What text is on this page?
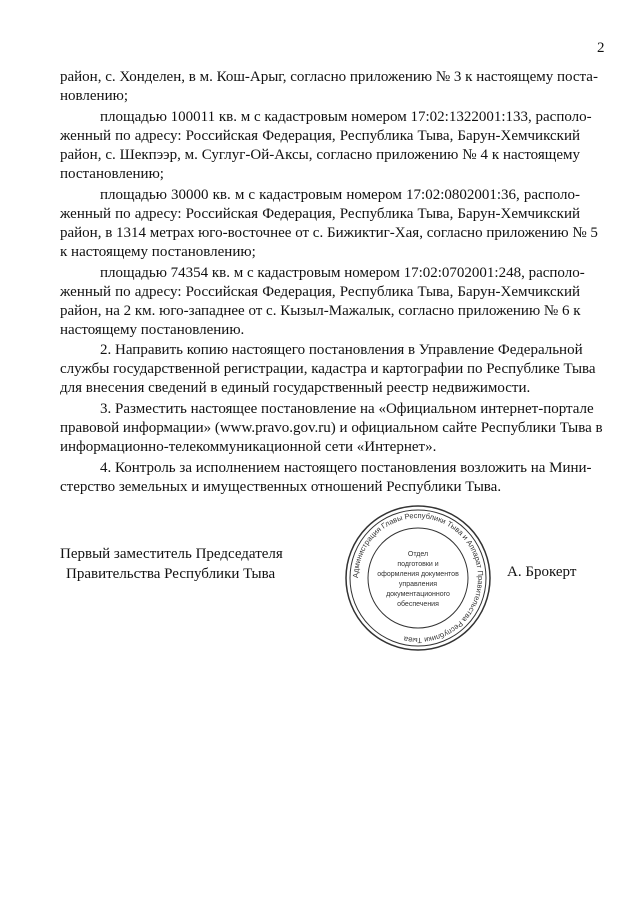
2
район, с. Хонделен, в м. Кош-Арыг, согласно приложению № 3 к настоящему поста-
новлению;
площадью 100011 кв. м с кадастровым номером 17:02:1322001:133, располо-
женный по адресу: Российская Федерация, Республика Тыва, Барун-Хемчикский
район, с. Шекпээр, м. Суглуг-Ой-Аксы, согласно приложению № 4 к настоящему
постановлению;
площадью 30000 кв. м с кадастровым номером 17:02:0802001:36, располо-
женный по адресу: Российская Федерация, Республика Тыва, Барун-Хемчикский
район, в 1314 метрах юго-восточнее от с. Бижиктиг-Хая, согласно приложению № 5
к настоящему постановлению;
площадью 74354 кв. м с кадастровым номером 17:02:0702001:248, располо-
женный по адресу: Российская Федерация, Республика Тыва, Барун-Хемчикский
район, на 2 км. юго-западнее от с. Кызыл-Мажалык, согласно приложению № 6 к
настоящему постановлению.
2. Направить копию настоящего постановления в Управление Федеральной
службы государственной регистрации, кадастра и картографии по Республике Тыва
для внесения сведений в единый государственный реестр недвижимости.
3. Разместить настоящее постановление на «Официальном интернет-портале
правовой информации» (www.pravo.gov.ru) и официальном сайте Республики Тыва в
информационно-телекоммуникационной сети «Интернет».
4. Контроль за исполнением настоящего постановления возложить на Мини-
стерство земельных и имущественных отношений Республики Тыва.
Первый заместитель Председателя
Правительства Республики Тыва	Администрация Главы Республики Тыва и Аппарат Правительства Республики Тыва
Отдел
подготовки и
оформления документов
управления
документационного
обеспечения
А. Брокерт
